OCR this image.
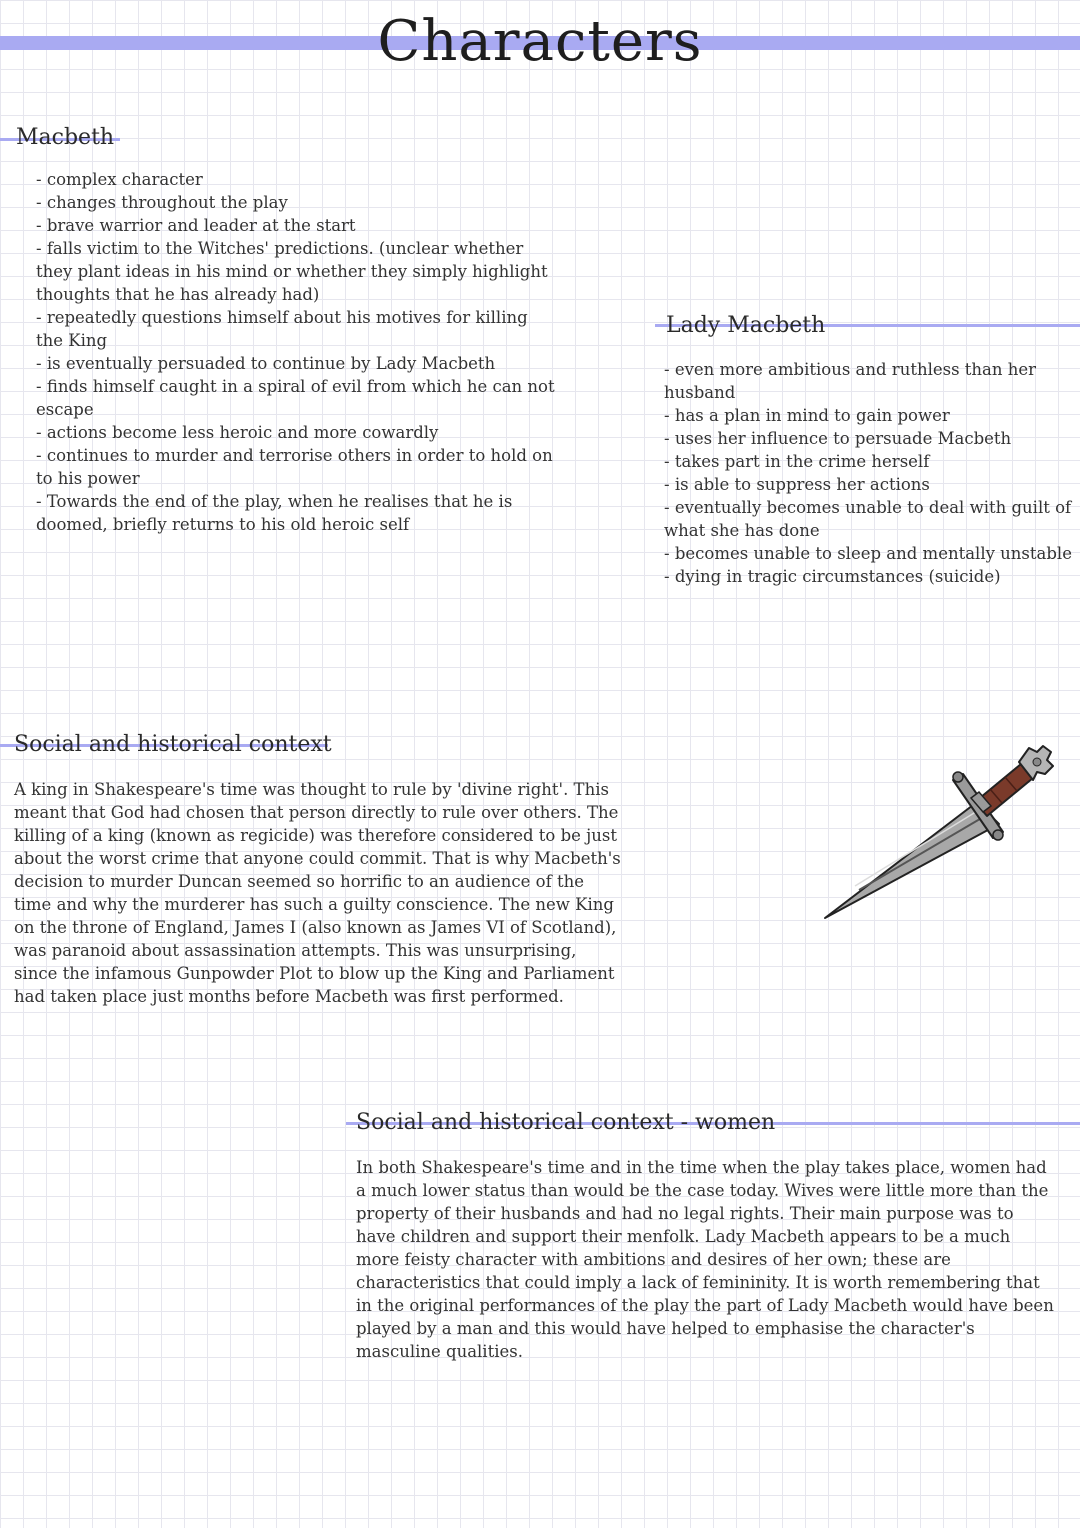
Characters
Macbeth
- complex character
- changes throughout the play
- brave warrior and leader at the start
- falls victim to the Witches' predictions. (unclear whether they plant ideas in his mind or whether they simply highlight thoughts that he has already had)
- repeatedly questions himself about his motives for killing the King
- is eventually persuaded to continue by Lady Macbeth
- finds himself caught in a spiral of evil from which he can not escape
- actions become less heroic and more cowardly
- continues to murder and terrorise others in order to hold on to his power
- Towards the end of the play, when he realises that he is doomed, briefly returns to his old heroic self
Lady Macbeth
- even more ambitious and ruthless than her husband
- has a plan in mind to gain power
- uses her influence to persuade Macbeth
- takes part in the crime herself
- is able to suppress her actions
- eventually becomes unable to deal with guilt of what she has done
- becomes unable to sleep and mentally unstable
- dying in tragic circumstances (suicide)
Social and historical context

A king in Shakespeare's time was thought to rule by 'divine right'. This meant that God had chosen that person directly to rule over others. The killing of a king (known as regicide) was therefore considered to be just about the worst crime that anyone could commit. That is why Macbeth's decision to murder Duncan seemed so horrific to an audience of the time and why the murderer has such a guilty conscience. The new King on the throne of England, James I (also known as James VI of Scotland), was paranoid about assassination attempts. This was unsurprising, since the infamous Gunpowder Plot to blow up the King and Parliament had taken place just months before Macbeth was first performed.

Social and historical context - women

In both Shakespeare's time and in the time when the play takes place, women had a much lower status than would be the case today. Wives were little more than the property of their husbands and had no legal rights. Their main purpose was to have children and support their menfolk. Lady Macbeth appears to be a much more feisty character with ambitions and desires of her own; these are characteristics that could imply a lack of femininity. It is worth remembering that in the original performances of the play the part of Lady Macbeth would have been played by a man and this would have helped to emphasise the character's masculine qualities.
